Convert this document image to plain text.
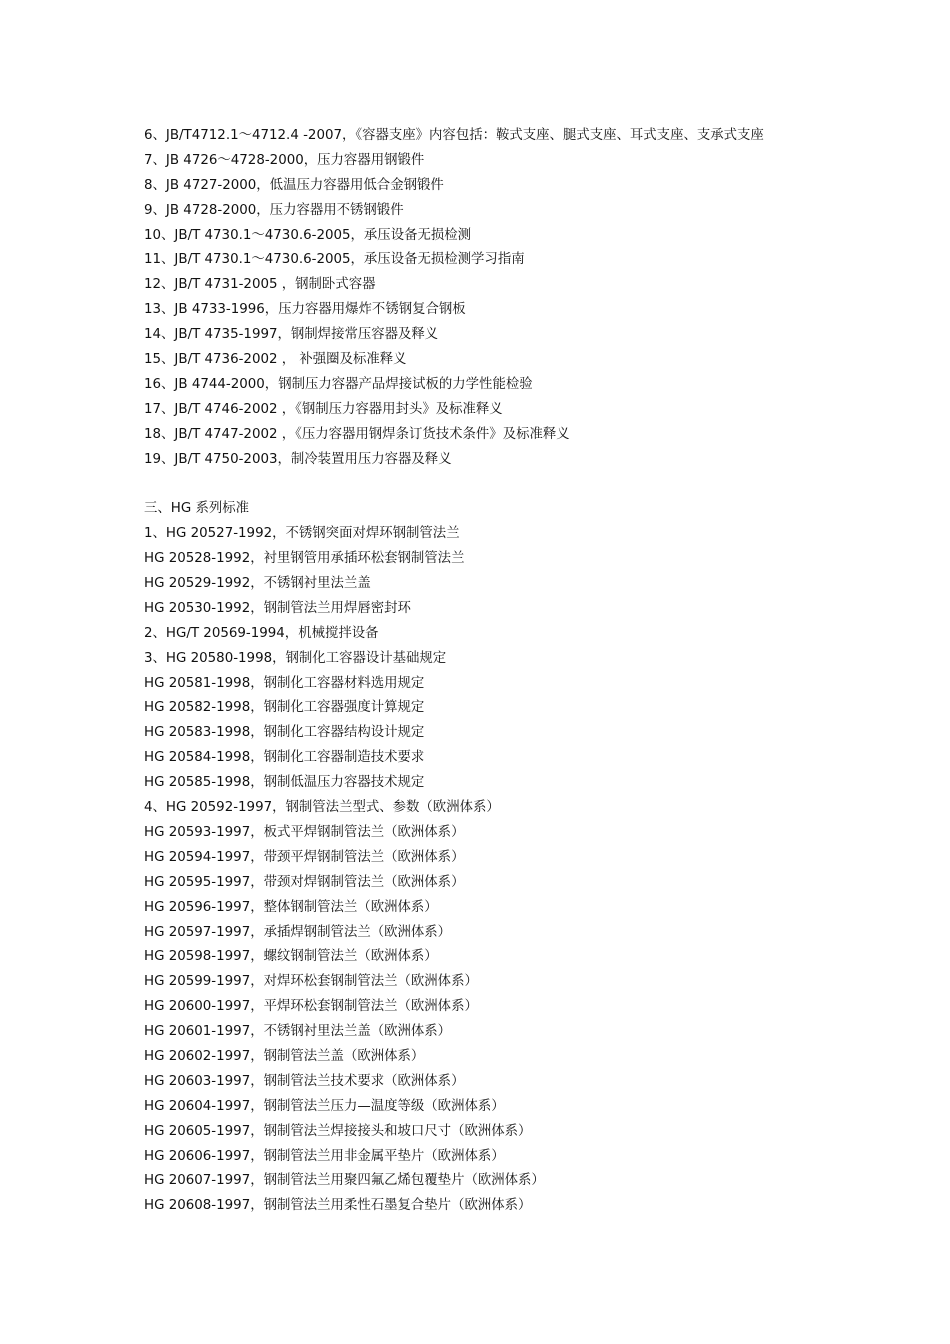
6、JB/T4712.1～4712.4 -2007，《容器支座》内容包括：鞍式支座、腿式支座、耳式支座、支承式支座
7、JB 4726～4728-2000，压力容器用钢锻件
8、JB 4727-2000，低温压力容器用低合金钢锻件
9、JB 4728-2000，压力容器用不锈钢锻件
10、JB/T 4730.1～4730.6-2005，承压设备无损检测
11、JB/T 4730.1～4730.6-2005，承压设备无损检测学习指南
12、JB/T 4731-2005 ，钢制卧式容器
13、JB 4733-1996，压力容器用爆炸不锈钢复合钢板
14、JB/T 4735-1997，钢制焊接常压容器及释义
15、JB/T 4736-2002 ， 补强圈及标准释义
16、JB 4744-2000，钢制压力容器产品焊接试板的力学性能检验
17、JB/T 4746-2002 ，《钢制压力容器用封头》及标准释义
18、JB/T 4747-2002 ，《压力容器用钢焊条订货技术条件》及标准释义
19、JB/T 4750-2003，制冷装置用压力容器及释义
三、HG 系列标准
1、HG 20527-1992，不锈钢突面对焊环钢制管法兰
HG 20528-1992，衬里钢管用承插环松套钢制管法兰
HG 20529-1992，不锈钢衬里法兰盖
HG 20530-1992，钢制管法兰用焊唇密封环
2、HG/T 20569-1994，机械搅拌设备
3、HG 20580-1998，钢制化工容器设计基础规定
HG 20581-1998，钢制化工容器材料选用规定
HG 20582-1998，钢制化工容器强度计算规定
HG 20583-1998，钢制化工容器结构设计规定
HG 20584-1998，钢制化工容器制造技术要求
HG 20585-1998，钢制低温压力容器技术规定
4、HG 20592-1997，钢制管法兰型式、参数（欧洲体系）
HG 20593-1997，板式平焊钢制管法兰（欧洲体系）
HG 20594-1997，带颈平焊钢制管法兰（欧洲体系）
HG 20595-1997，带颈对焊钢制管法兰（欧洲体系）
HG 20596-1997，整体钢制管法兰（欧洲体系）
HG 20597-1997，承插焊钢制管法兰（欧洲体系）
HG 20598-1997，螺纹钢制管法兰（欧洲体系）
HG 20599-1997，对焊环松套钢制管法兰（欧洲体系）
HG 20600-1997，平焊环松套钢制管法兰（欧洲体系）
HG 20601-1997，不锈钢衬里法兰盖（欧洲体系）
HG 20602-1997，钢制管法兰盖（欧洲体系）
HG 20603-1997，钢制管法兰技术要求（欧洲体系）
HG 20604-1997，钢制管法兰压力—温度等级（欧洲体系）
HG 20605-1997，钢制管法兰焊接接头和坡口尺寸（欧洲体系）
HG 20606-1997，钢制管法兰用非金属平垫片（欧洲体系）
HG 20607-1997，钢制管法兰用聚四氟乙烯包覆垫片（欧洲体系）
HG 20608-1997，钢制管法兰用柔性石墨复合垫片（欧洲体系）
